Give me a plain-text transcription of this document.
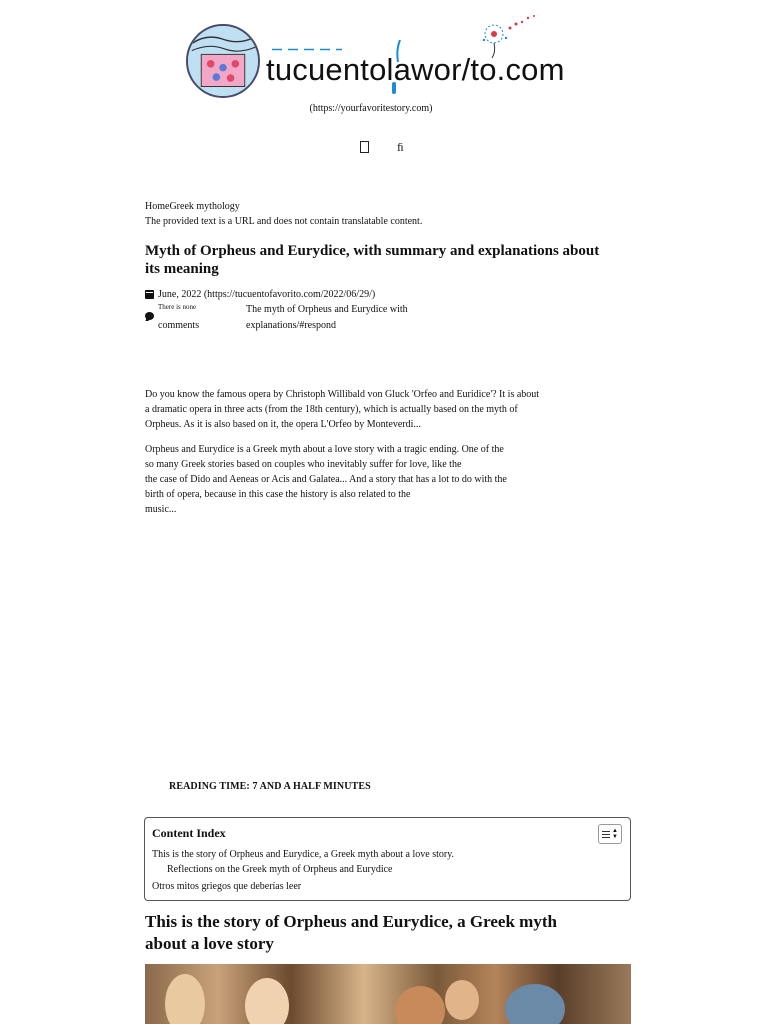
tucuentolawor/to.com
(https://yourfavoritestory.com)
ﬁ
HomeGreek mythology
The provided text is a URL and does not contain translatable content.
Myth of Orpheus and Eurydice, with summary and explanations about its meaning
June, 2022 (https://tucuentofavorito.com/2022/06/29/)
There is none
comments
The myth of Orpheus and Eurydice with explanations/#respond

Do you know the famous opera by Christoph Willibald von Gluck 'Orfeo and Euridice'? It is about a dramatic opera in three acts (from the 18th century), which is actually based on the myth of Orpheus. As it is also based on it, the opera L'Orfeo by Monteverdi...

Orpheus and Eurydice is a Greek myth about a love story with a tragic ending. One of the
so many Greek stories based on couples who inevitably suffer for love, like the
the case of Dido and Aeneas or Acis and Galatea... And a story that has a lot to do with the
birth of opera, because in this case the history is also related to the
music...
READING TIME: 7 AND A HALF MINUTES
Content Index	▲
▼
This is the story of Orpheus and Eurydice, a Greek myth about a love story.
Reflections on the Greek myth of Orpheus and Eurydice
Otros mitos griegos que deberías leer
This is the story of Orpheus and Eurydice, a Greek myth about a love story
